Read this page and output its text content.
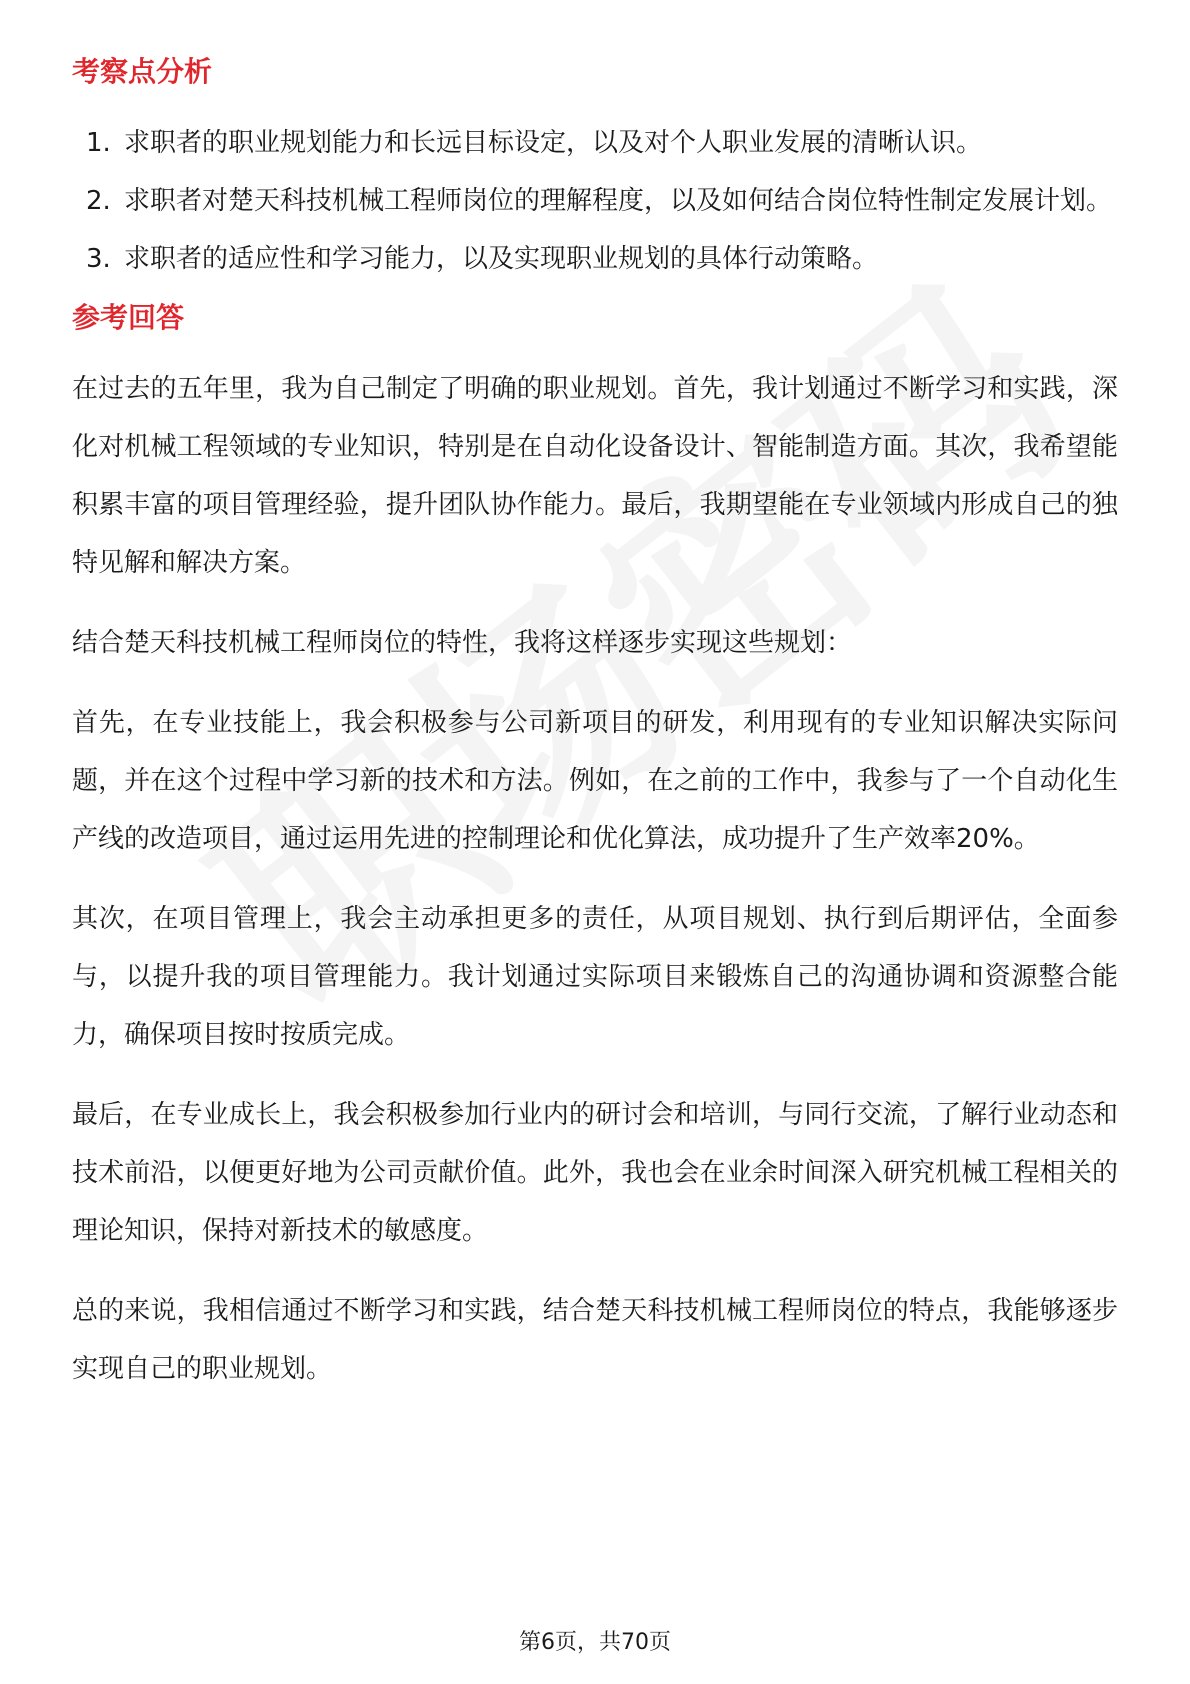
考察点分析
1. 求职者的职业规划能力和长远目标设定，以及对个人职业发展的清晰认识。
2. 求职者对楚天科技机械工程师岗位的理解程度，以及如何结合岗位特性制定发展计划。
3. 求职者的适应性和学习能力，以及实现职业规划的具体行动策略。
参考回答

在过去的五年里，我为自己制定了明确的职业规划。首先，我计划通过不断学习和实践，深化对机械工程领域的专业知识，特别是在自动化设备设计、智能制造方面。其次，我希望能积累丰富的项目管理经验，提升团队协作能力。最后，我期望能在专业领域内形成自己的独特见解和解决方案。

结合楚天科技机械工程师岗位的特性，我将这样逐步实现这些规划：

首先，在专业技能上，我会积极参与公司新项目的研发，利用现有的专业知识解决实际问题，并在这个过程中学习新的技术和方法。例如，在之前的工作中，我参与了一个自动化生产线的改造项目，通过运用先进的控制理论和优化算法，成功提升了生产效率20%。

其次，在项目管理上，我会主动承担更多的责任，从项目规划、执行到后期评估，全面参与，以提升我的项目管理能力。我计划通过实际项目来锻炼自己的沟通协调和资源整合能力，确保项目按时按质完成。

最后，在专业成长上，我会积极参加行业内的研讨会和培训，与同行交流，了解行业动态和技术前沿，以便更好地为公司贡献价值。此外，我也会在业余时间深入研究机械工程相关的理论知识，保持对新技术的敏感度。

总的来说，我相信通过不断学习和实践，结合楚天科技机械工程师岗位的特点，我能够逐步实现自己的职业规划。

第6页，共70页
